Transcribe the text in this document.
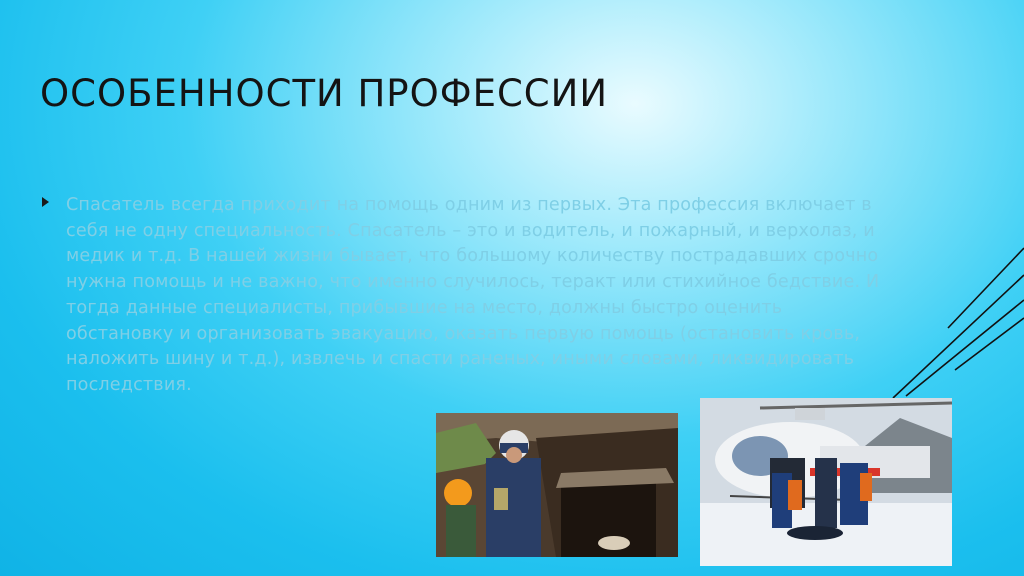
ОСОБЕННОСТИ ПРОФЕССИИ

Спасатель всегда приходит на помощь одним из первых. Эта профессия включает в себя не одну специальность. Спасатель – это и водитель, и пожарный, и верхолаз, и медик и т.д. В нашей жизни бывает, что большому количеству пострадавших срочно нужна помощь и не важно, что именно случилось, теракт или стихийное бедствие. И тогда данные специалисты, прибывшие на место, должны быстро оценить обстановку и организовать эвакуацию, оказать первую помощь (остановить кровь, наложить шину и т.д.), извлечь и спасти раненых, иными словами, ликвидировать последствия.
